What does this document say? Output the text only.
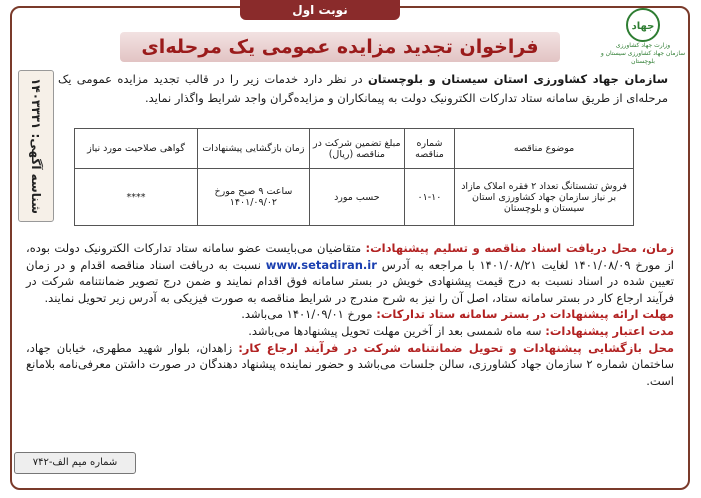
نوبت اول
جهاد
وزارت جهاد کشاورزی
سازمان جهاد کشاورزی سیستان و بلوچستان
فراخوان تجدید مزایده عمومی یک مرحله‌ای
شناسه آگهی: ۱۴۰۳۳۳۱
سازمان جهاد کشاورزی استان سیستان و بلوچستان در نظر دارد خدمات زیر را در قالب تجدید مزایده عمومی یک مرحله‌ای از طریق سامانه ستاد تدارکات الکترونیک دولت به پیمانکاران و مزایده‌گران واجد شرایط واگذار نماید.
موضوع مناقصه	شماره مناقصه	مبلغ تضمین شرکت در مناقصه (ریال)	زمان بازگشایی پیشنهادات	گواهی صلاحیت مورد نیاز
فروش تشستانگ تعداد ۲ فقره املاک مازاد بر نیاز سازمان جهاد کشاورزی استان سیستان و بلوچستان	۰۱-۱۰	حسب مورد	ساعت ۹ صبح مورخ ۱۴۰۱/۰۹/۰۲	****

زمان، محل دریافت اسناد مناقصه و تسلیم پیشنهادات: متقاضیان می‌بایست عضو سامانه ستاد تدارکات الکترونیک دولت بوده، از مورخ ۱۴۰۱/۰۸/۰۹ لغایت ۱۴۰۱/۰۸/۲۱ با مراجعه به آدرس www.setadiran.ir نسبت به دریافت اسناد مناقصه اقدام و در زمان تعیین شده در اسناد نسبت به درج قیمت پیشنهادی خویش در بستر سامانه فوق اقدام نمایند و ضمن درج تصویر ضمانتنامه شرکت در فرآیند ارجاع کار در بستر سامانه ستاد، اصل آن را نیز به شرح مندرج در شرایط مناقصه به صورت فیزیکی به آدرس زیر تحویل نمایند.

مهلت ارائه پیشنهادات در بستر سامانه ستاد تدارکات: مورخ ۱۴۰۱/۰۹/۰۱ می‌باشد.

مدت اعتبار پیشنهادات: سه ماه شمسی بعد از آخرین مهلت تحویل پیشنهادها می‌باشد.

محل بازگشایی پیشنهادات و تحویل ضمانتنامه شرکت در فرآیند ارجاع کار: زاهدان، بلوار شهید مطهری، خیابان جهاد، ساختمان شماره ۲ سازمان جهاد کشاورزی، سالن جلسات می‌باشد و حضور نماینده پیشنهاد دهندگان در صورت داشتن معرفی‌نامه بلامانع است.

شماره میم الف-۷۴۲
